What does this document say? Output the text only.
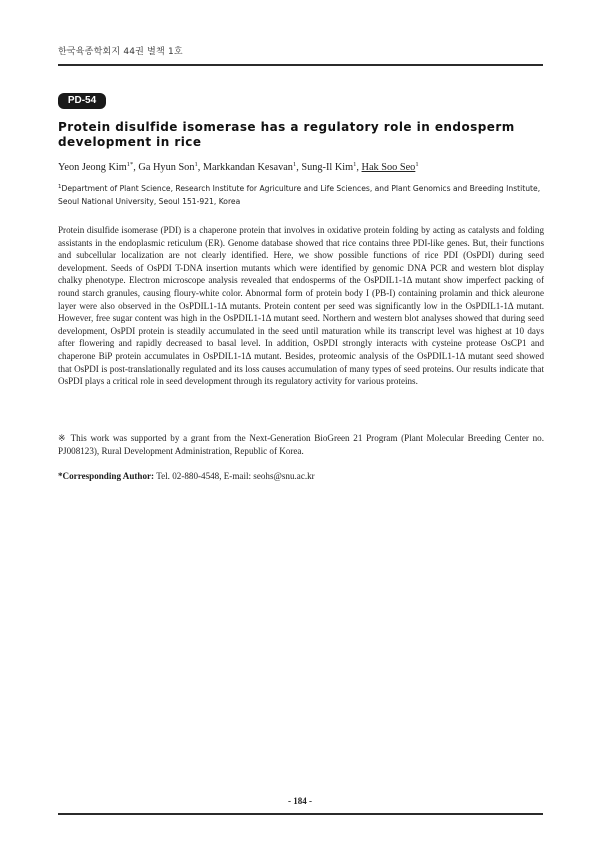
한국육종학회지 44권 별책 1호
PD-54
Protein disulfide isomerase has a regulatory role in endosperm development in rice
Yeon Jeong Kim$^{1*}$, Ga Hyun Son$^1$, Markkandan Kesavan$^1$, Sung-Il Kim$^1$, Hak Soo Seo$^1$
$^1$Department of Plant Science, Research Institute for Agriculture and Life Sciences, and Plant Genomics and Breeding Institute, Seoul National University, Seoul 151-921, Korea

Protein disulfide isomerase (PDI) is a chaperone protein that involves in oxidative protein folding by acting as catalysts and folding assistants in the endoplasmic reticulum (ER). Genome database showed that rice contains three PDI-like genes. But, their functions and subcellular localization are not clearly identified. Here, we show possible functions of rice PDI (OsPDI) during seed development. Seeds of OsPDI T-DNA insertion mutants which were identified by genomic DNA PCR and western blot display chalky phenotype. Electron microscope analysis revealed that endosperms of the OsPDIL1-1Δ mutant show imperfect packing of round starch granules, causing floury-white color. Abnormal form of protein body I (PB-I) containing prolamin and thick aleurone layer were also observed in the OsPDIL1-1Δ mutants. Protein content per seed was significantly low in the OsPDIL1-1Δ mutant. However, free sugar content was high in the OsPDIL1-1Δ mutant seed. Northern and western blot analyses showed that during seed development, OsPDI protein is steadily accumulated in the seed until maturation while its transcript level was highest at 10 days after flowering and rapidly decreased to basal level. In addition, OsPDI strongly interacts with cysteine protease OsCP1 and chaperone BiP protein accumulates in OsPDIL1-1Δ mutant. Besides, proteomic analysis of the OsPDIL1-1Δ mutant seed showed that OsPDI is post-translationally regulated and its loss causes accumulation of many types of seed proteins. Our results indicate that OsPDI plays a critical role in seed development through its regulatory activity for various proteins.

※ This work was supported by a grant from the Next-Generation BioGreen 21 Program (Plant Molecular Breeding Center no. PJ008123), Rural Development Administration, Republic of Korea.

*Corresponding Author: Tel. 02-880-4548, E-mail: seohs@snu.ac.kr
- 184 -
